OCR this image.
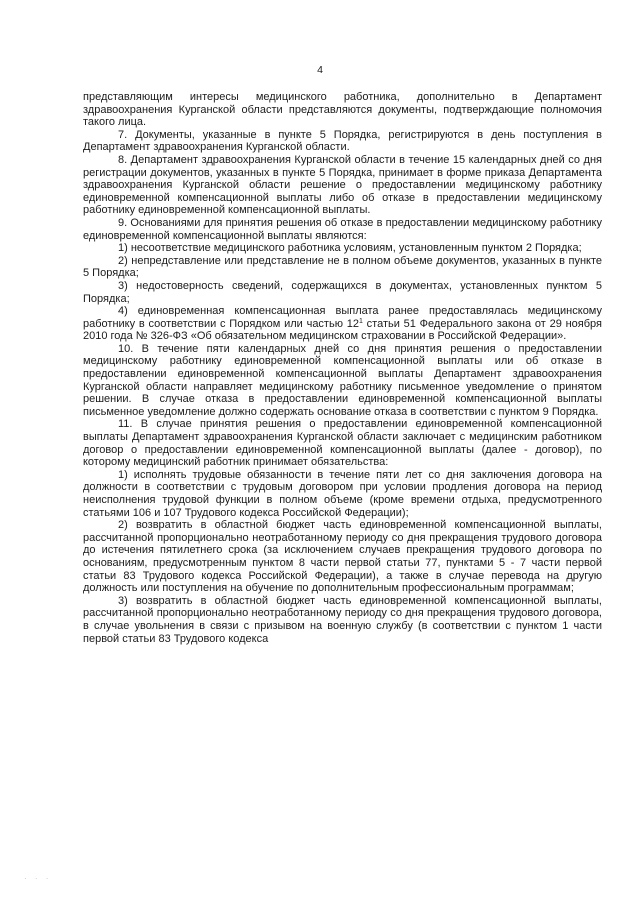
4

представляющим интересы медицинского работника, дополнительно в Департамент здравоохранения Курганской области представляются документы, подтверждающие полномочия такого лица.

7. Документы, указанные в пункте 5 Порядка, регистрируются в день поступления в Департамент здравоохранения Курганской области.

8. Департамент здравоохранения Курганской области в течение 15 календарных дней со дня регистрации документов, указанных в пункте 5 Порядка, принимает в форме приказа Департамента здравоохранения Курганской области решение о предоставлении медицинскому работнику единовременной компенсационной выплаты либо об отказе в предоставлении медицинскому работнику единовременной компенсационной выплаты.

9. Основаниями для принятия решения об отказе в предоставлении медицинскому работнику единовременной компенсационной выплаты являются:

1) несоответствие медицинского работника условиям, установленным пунктом 2 Порядка;

2) непредставление или представление не в полном объеме документов, указанных в пункте 5 Порядка;

3) недостоверность сведений, содержащихся в документах, установленных пунктом 5 Порядка;

4) единовременная компенсационная выплата ранее предоставлялась медицинскому работнику в соответствии с Порядком или частью $12^1$ статьи 51 Федерального закона от 29 ноября 2010 года № 326-ФЗ «Об обязательном медицинском страховании в Российской Федерации».

10. В течение пяти календарных дней со дня принятия решения о предоставлении медицинскому работнику единовременной компенсационной выплаты или об отказе в предоставлении единовременной компенсационной выплаты Департамент здравоохранения Курганской области направляет медицинскому работнику письменное уведомление о принятом решении. В случае отказа в предоставлении единовременной компенсационной выплаты письменное уведомление должно содержать основание отказа в соответствии с пунктом 9 Порядка.

11. В случае принятия решения о предоставлении единовременной компенсационной выплаты Департамент здравоохранения Курганской области заключает с медицинским работником договор о предоставлении единовременной компенсационной выплаты (далее - договор), по которому медицинский работник принимает обязательства:

1) исполнять трудовые обязанности в течение пяти лет со дня заключения договора на должности в соответствии с трудовым договором при условии продления договора на период неисполнения трудовой функции в полном объеме (кроме времени отдыха, предусмотренного статьями 106 и 107 Трудового кодекса Российской Федерации);

2) возвратить в областной бюджет часть единовременной компенсационной выплаты, рассчитанной пропорционально неотработанному периоду со дня прекращения трудового договора до истечения пятилетнего срока (за исключением случаев прекращения трудового договора по основаниям, предусмотренным пунктом 8 части первой статьи 77, пунктами 5 - 7 части первой статьи 83 Трудового кодекса Российской Федерации), а также в случае перевода на другую должность или поступления на обучение по дополнительным профессиональным программам;

3) возвратить в областной бюджет часть единовременной компенсационной выплаты, рассчитанной пропорционально неотработанному периоду со дня прекращения трудового договора, в случае увольнения в связи с призывом на военную службу (в соответствии с пунктом 1 части первой статьи 83 Трудового кодекса

· · ·
